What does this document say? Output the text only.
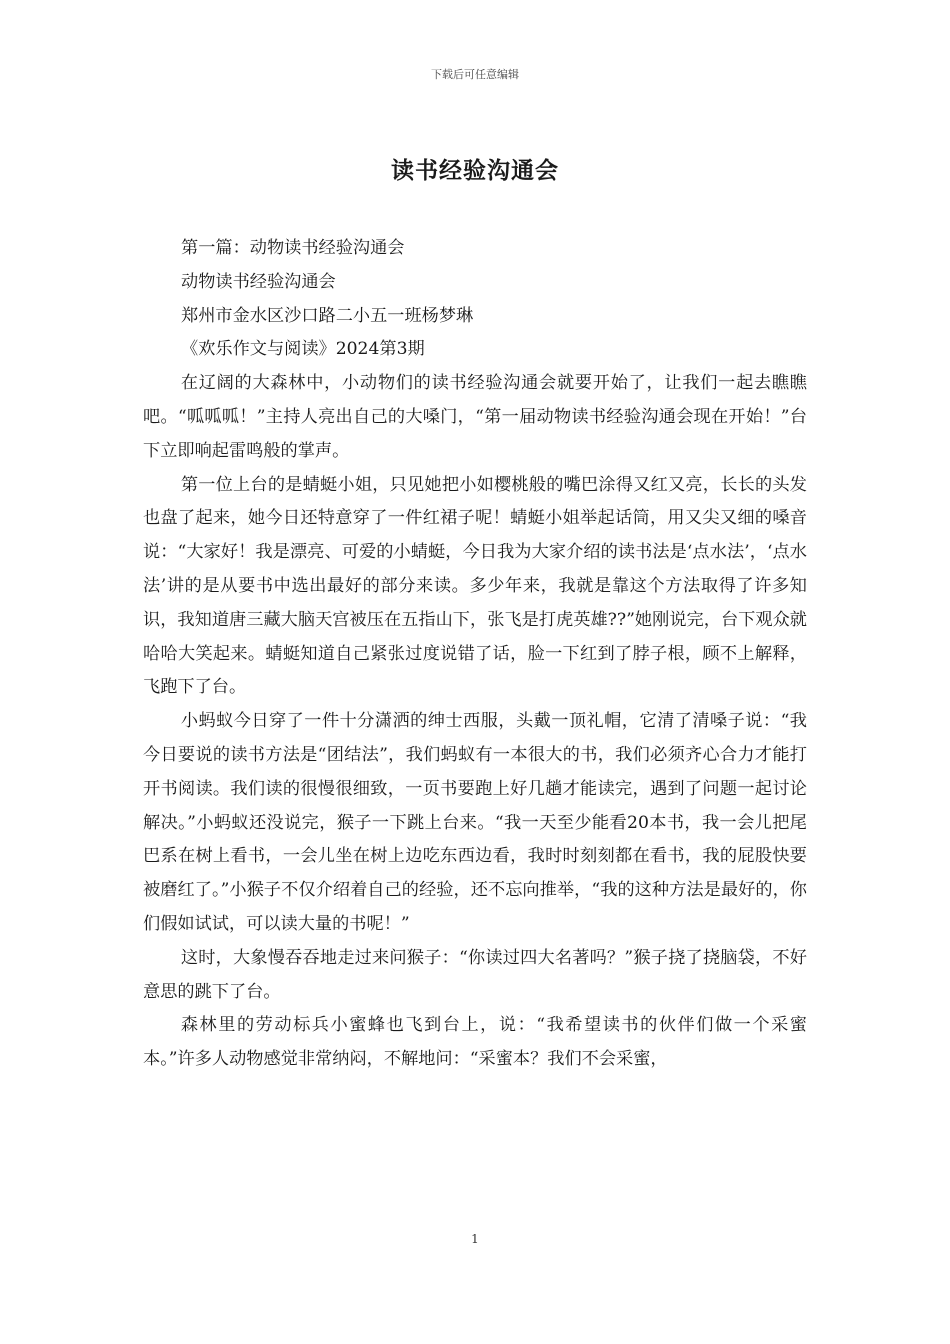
下载后可任意编辑
读书经验沟通会

第一篇：动物读书经验沟通会

动物读书经验沟通会

郑州市金水区沙口路二小五一班杨梦琳

《欢乐作文与阅读》2024第3期

在辽阔的大森林中，小动物们的读书经验沟通会就要开始了，让我们一起去瞧瞧吧。“呱呱呱！”主持人亮出自己的大嗓门，“第一届动物读书经验沟通会现在开始！”台下立即响起雷鸣般的掌声。

第一位上台的是蜻蜓小姐，只见她把小如樱桃般的嘴巴涂得又红又亮，长长的头发也盘了起来，她今日还特意穿了一件红裙子呢！蜻蜓小姐举起话筒，用又尖又细的嗓音说：“大家好！我是漂亮、可爱的小蜻蜓，今日我为大家介绍的读书法是‘点水法’，‘点水法’讲的是从要书中选出最好的部分来读。多少年来，我就是靠这个方法取得了许多知识，我知道唐三藏大脑天宫被压在五指山下，张飞是打虎英雄??”她刚说完，台下观众就哈哈大笑起来。蜻蜓知道自己紧张过度说错了话，脸一下红到了脖子根，顾不上解释，飞跑下了台。

小蚂蚁今日穿了一件十分潇洒的绅士西服，头戴一顶礼帽，它清了清嗓子说：“我今日要说的读书方法是“团结法”，我们蚂蚁有一本很大的书，我们必须齐心合力才能打开书阅读。我们读的很慢很细致，一页书要跑上好几趟才能读完，遇到了问题一起讨论解决。”小蚂蚁还没说完，猴子一下跳上台来。“我一天至少能看20本书，我一会儿把尾巴系在树上看书，一会儿坐在树上边吃东西边看，我时时刻刻都在看书，我的屁股快要被磨红了。”小猴子不仅介绍着自己的经验，还不忘向推举，“我的这种方法是最好的，你们假如试试，可以读大量的书呢！”

这时，大象慢吞吞地走过来问猴子：“你读过四大名著吗？”猴子挠了挠脑袋，不好意思的跳下了台。

森林里的劳动标兵小蜜蜂也飞到台上，说：“我希望读书的伙伴们做一个采蜜本。”许多人动物感觉非常纳闷，不解地问：“采蜜本？我们不会采蜜，

1
